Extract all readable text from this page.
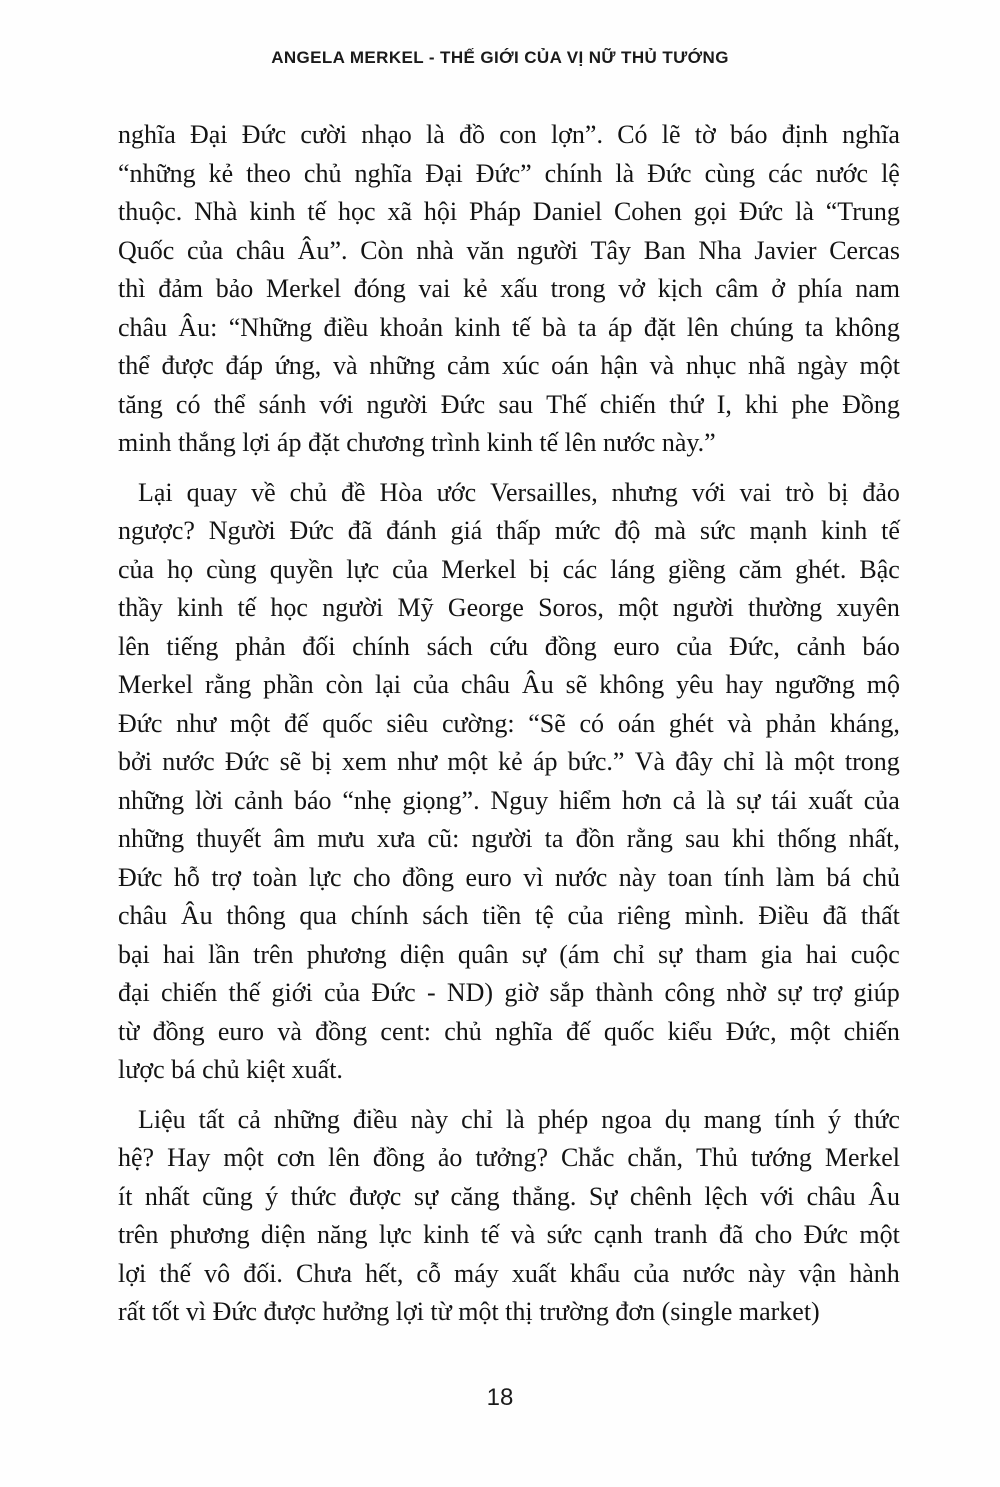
ANGELA MERKEL - THẾ GIỚI CỦA VỊ NỮ THỦ TƯỚNG
nghĩa Đại Đức cười nhạo là đồ con lợn”. Có lẽ tờ báo định nghĩa
“những kẻ theo chủ nghĩa Đại Đức” chính là Đức cùng các nước lệ
thuộc. Nhà kinh tế học xã hội Pháp Daniel Cohen gọi Đức là “Trung
Quốc của châu Âu”. Còn nhà văn người Tây Ban Nha Javier Cercas
thì đảm bảo Merkel đóng vai kẻ xấu trong vở kịch câm ở phía nam
châu Âu: “Những điều khoản kinh tế bà ta áp đặt lên chúng ta không
thể được đáp ứng, và những cảm xúc oán hận và nhục nhã ngày một
tăng có thể sánh với người Đức sau Thế chiến thứ I, khi phe Đồng
minh thắng lợi áp đặt chương trình kinh tế lên nước này.”
Lại quay về chủ đề Hòa ước Versailles, nhưng với vai trò bị đảo
ngược? Người Đức đã đánh giá thấp mức độ mà sức mạnh kinh tế
của họ cùng quyền lực của Merkel bị các láng giềng căm ghét. Bậc
thầy kinh tế học người Mỹ George Soros, một người thường xuyên
lên tiếng phản đối chính sách cứu đồng euro của Đức, cảnh báo
Merkel rằng phần còn lại của châu Âu sẽ không yêu hay ngưỡng mộ
Đức như một đế quốc siêu cường: “Sẽ có oán ghét và phản kháng,
bởi nước Đức sẽ bị xem như một kẻ áp bức.” Và đây chỉ là một trong
những lời cảnh báo “nhẹ giọng”. Nguy hiểm hơn cả là sự tái xuất của
những thuyết âm mưu xưa cũ: người ta đồn rằng sau khi thống nhất,
Đức hỗ trợ toàn lực cho đồng euro vì nước này toan tính làm bá chủ
châu Âu thông qua chính sách tiền tệ của riêng mình. Điều đã thất
bại hai lần trên phương diện quân sự (ám chỉ sự tham gia hai cuộc
đại chiến thế giới của Đức - ND) giờ sắp thành công nhờ sự trợ giúp
từ đồng euro và đồng cent: chủ nghĩa đế quốc kiểu Đức, một chiến
lược bá chủ kiệt xuất.
Liệu tất cả những điều này chỉ là phép ngoa dụ mang tính ý thức
hệ? Hay một cơn lên đồng ảo tưởng? Chắc chắn, Thủ tướng Merkel
ít nhất cũng ý thức được sự căng thẳng. Sự chênh lệch với châu Âu
trên phương diện năng lực kinh tế và sức cạnh tranh đã cho Đức một
lợi thế vô đối. Chưa hết, cỗ máy xuất khẩu của nước này vận hành
rất tốt vì Đức được hưởng lợi từ một thị trường đơn (single market)
18
